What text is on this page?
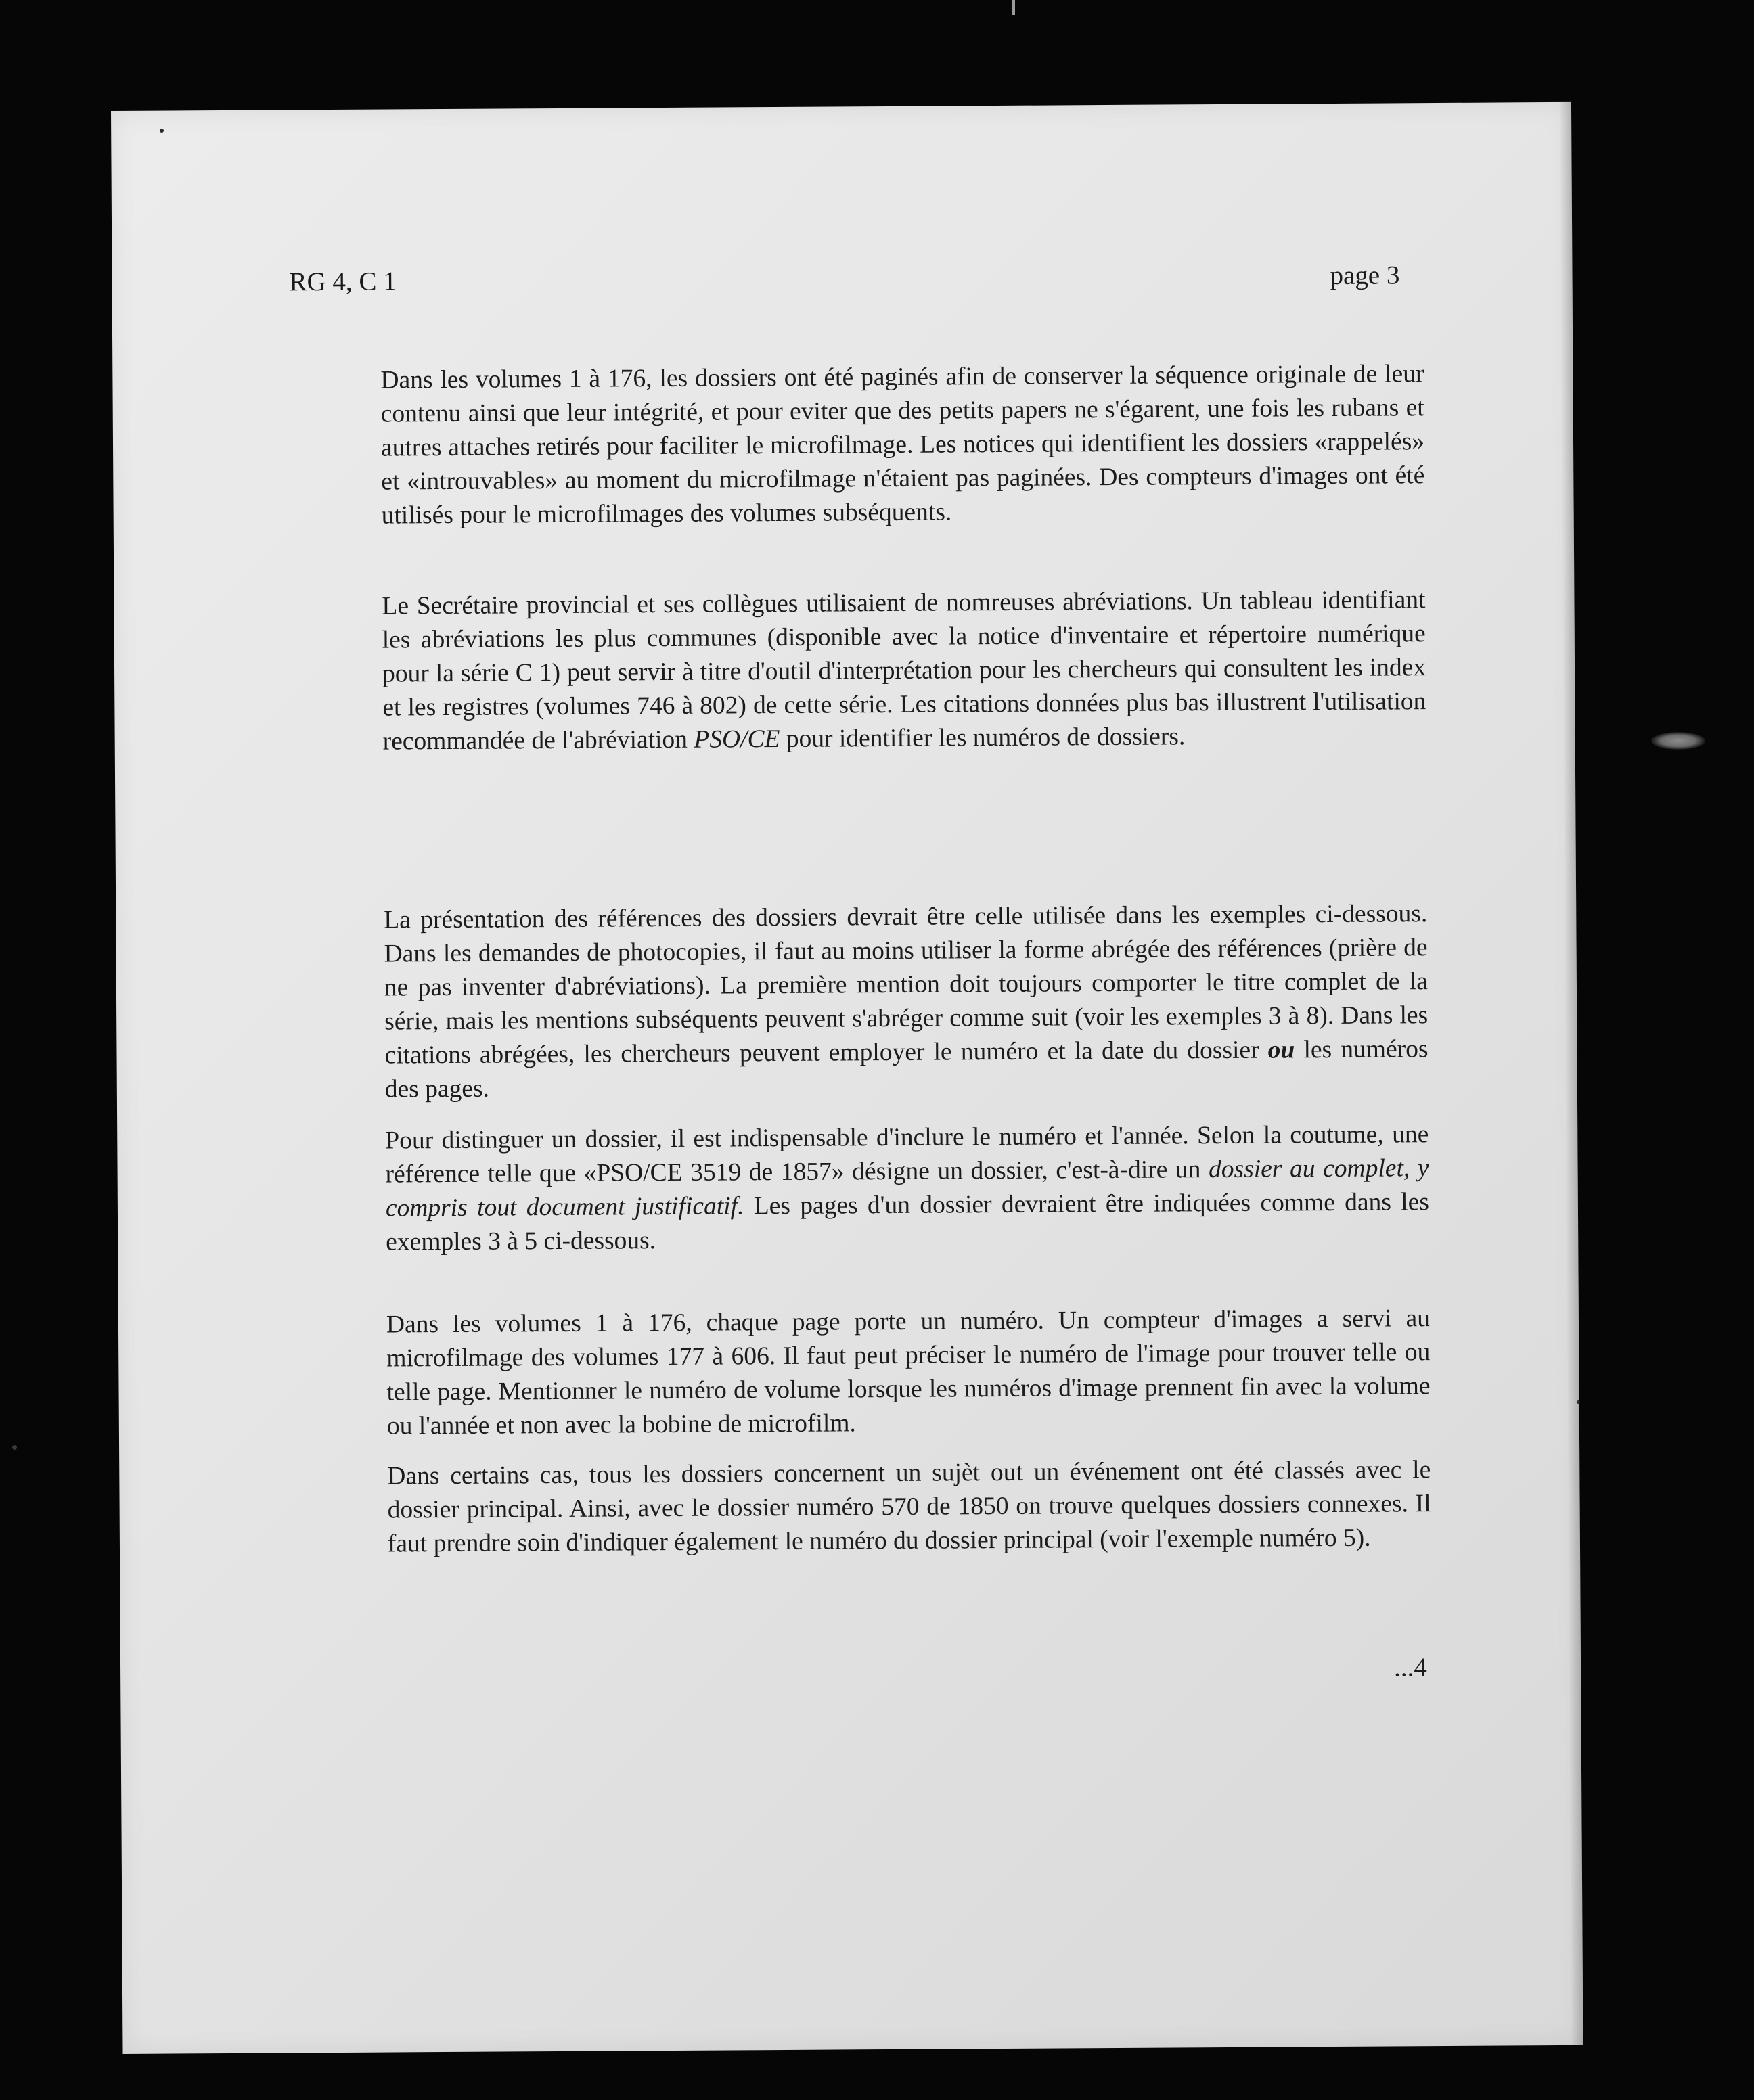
RG 4, C 1	page 3

Dans les volumes 1 à 176, les dossiers ont été paginés afin de conserver la séquence originale de leur contenu ainsi que leur intégrité, et pour eviter que des petits papers ne s'égarent, une fois les rubans et autres attaches retirés pour faciliter le microfilmage. Les notices qui identifient les dossiers «rappelés» et «introuvables» au moment du microfilmage n'étaient pas paginées. Des compteurs d'images ont été utilisés pour le microfilmages des volumes subséquents.

Le Secrétaire provincial et ses collègues utilisaient de nomreuses abréviations. Un tableau identifiant les abréviations les plus communes (disponible avec la notice d'inventaire et répertoire numérique pour la série C 1) peut servir à titre d'outil d'interprétation pour les chercheurs qui consultent les index et les registres (volumes 746 à 802) de cette série. Les citations données plus bas illustrent l'utilisation recommandée de l'abréviation PSO/CE pour identifier les numéros de dossiers.

La présentation des références des dossiers devrait être celle utilisée dans les exemples ci-dessous. Dans les demandes de photocopies, il faut au moins utiliser la forme abrégée des références (prière de ne pas inventer d'abréviations). La première mention doit toujours comporter le titre complet de la série, mais les mentions subséquents peuvent s'abréger comme suit (voir les exemples 3 à 8). Dans les citations abrégées, les chercheurs peuvent employer le numéro et la date du dossier ou les numéros des pages.

Pour distinguer un dossier, il est indispensable d'inclure le numéro et l'année. Selon la coutume, une référence telle que «PSO/CE 3519 de 1857» désigne un dossier, c'est-à-dire un dossier au complet, y compris tout document justificatif. Les pages d'un dossier devraient être indiquées comme dans les exemples 3 à 5 ci-dessous.

Dans les volumes 1 à 176, chaque page porte un numéro. Un compteur d'images a servi au microfilmage des volumes 177 à 606. Il faut peut préciser le numéro de l'image pour trouver telle ou telle page. Mentionner le numéro de volume lorsque les numéros d'image prennent fin avec la volume ou l'année et non avec la bobine de microfilm.

Dans certains cas, tous les dossiers concernent un sujèt out un événement ont été classés avec le dossier principal. Ainsi, avec le dossier numéro 570 de 1850 on trouve quelques dossiers connexes. Il faut prendre soin d'indiquer également le numéro du dossier principal (voir l'exemple numéro 5).

...4
